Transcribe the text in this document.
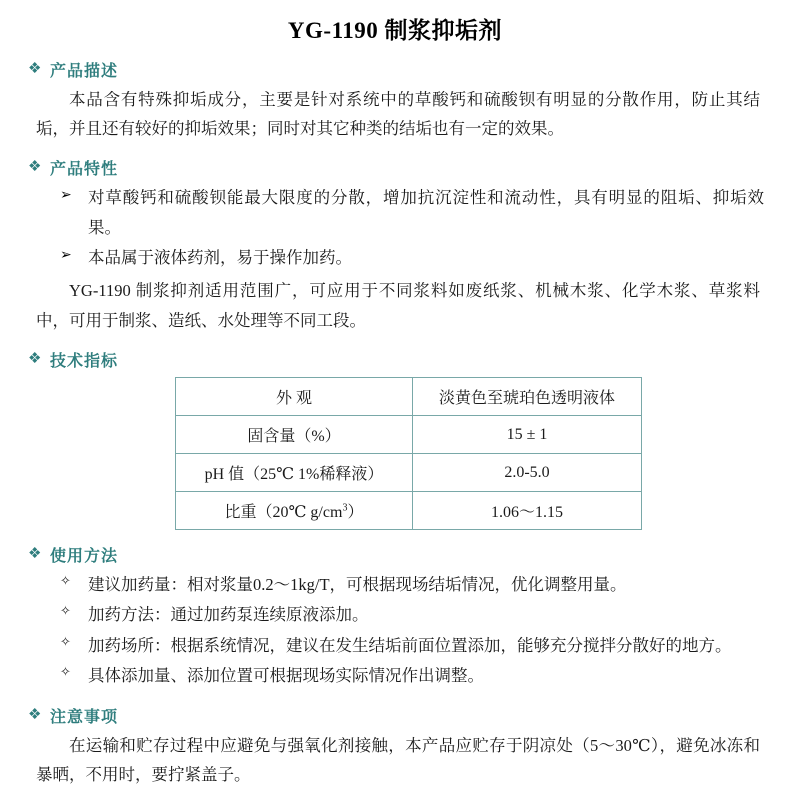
YG-1190 制浆抑垢剂
❖ 产品描述
本品含有特殊抑垢成分，主要是针对系统中的草酸钙和硫酸钡有明显的分散作用，防止其结垢，并且还有较好的抑垢效果；同时对其它种类的结垢也有一定的效果。
❖ 产品特性
➢ 对草酸钙和硫酸钡能最大限度的分散，增加抗沉淀性和流动性，具有明显的阻垢、抑垢效果。
➢ 本品属于液体药剂，易于操作加药。
YG-1190 制浆抑剂适用范围广，可应用于不同浆料如废纸浆、机械木浆、化学木浆、草浆料中，可用于制浆、造纸、水处理等不同工段。
❖ 技术指标
外 观	淡黄色至琥珀色透明液体
固含量（%）	15 ± 1
pH 值（25℃ 1%稀释液）	2.0-5.0
比重（20℃ $g/cm^3$）	1.06～1.15
❖ 使用方法
✧	建议加药量：相对浆量0.2～1kg/T，可根据现场结垢情况，优化调整用量。
✧	加药方法：通过加药泵连续原液添加。
✧	加药场所：根据系统情况，建议在发生结垢前面位置添加，能够充分搅拌分散好的地方。
✧	具体添加量、添加位置可根据现场实际情况作出调整。
❖ 注意事项
在运输和贮存过程中应避免与强氧化剂接触，本产品应贮存于阴凉处（5～30℃），避免冰冻和暴晒，不用时，要拧紧盖子。
